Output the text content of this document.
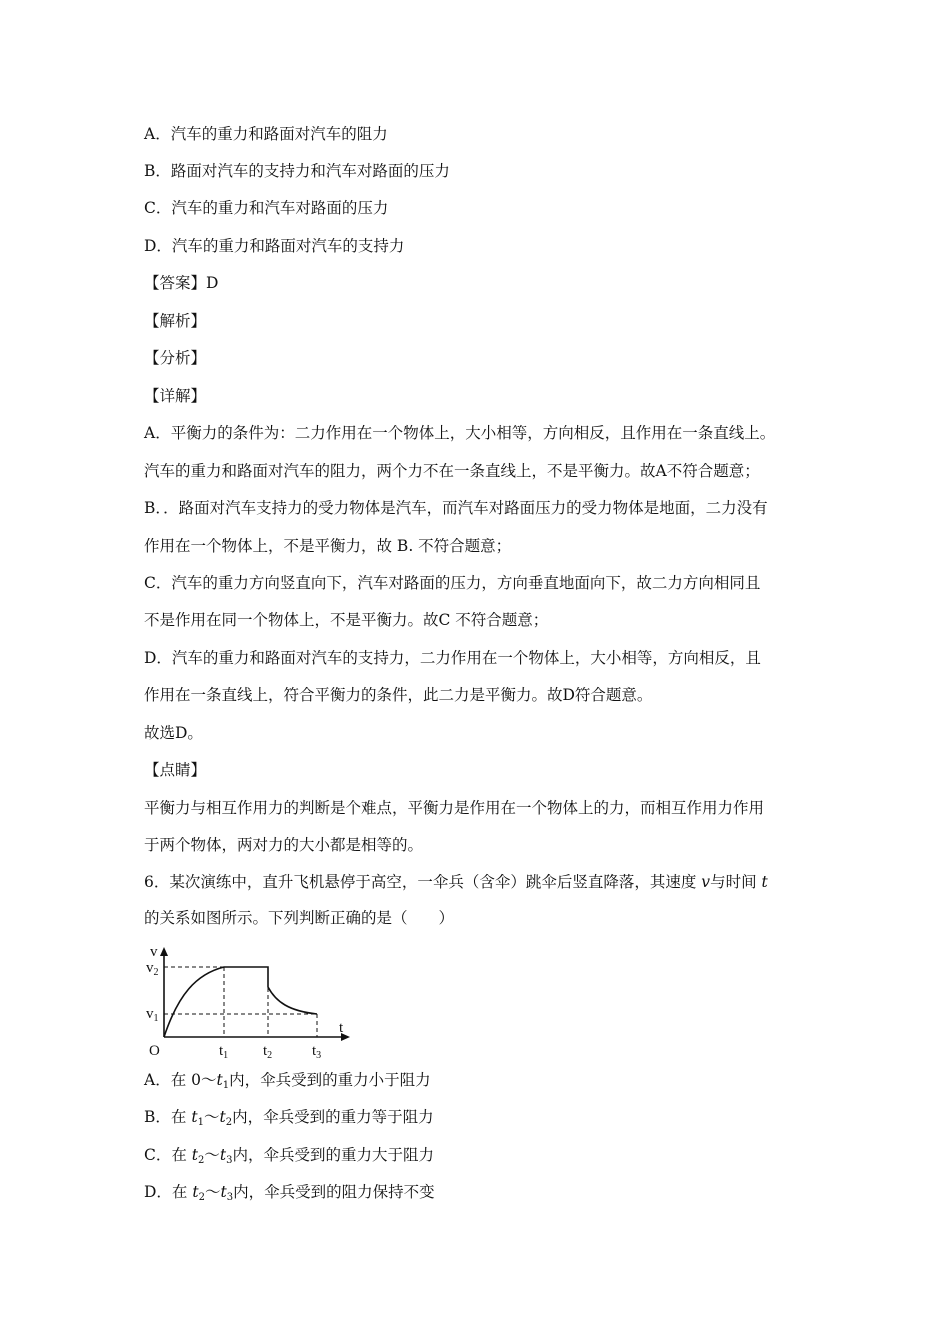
A．汽车的重力和路面对汽车的阻力
B．路面对汽车的支持力和汽车对路面的压力
C．汽车的重力和汽车对路面的压力
D．汽车的重力和路面对汽车的支持力
【答案】D
【解析】
【分析】
【详解】
A．平衡力的条件为：二力作用在一个物体上，大小相等，方向相反，且作用在一条直线上。
汽车的重力和路面对汽车的阻力，两个力不在一条直线上，不是平衡力。故A不符合题意；
B．．路面对汽车支持力的受力物体是汽车，而汽车对路面压力的受力物体是地面，二力没有
作用在一个物体上，不是平衡力，故 B. 不符合题意；
C．汽车的重力方向竖直向下，汽车对路面的压力，方向垂直地面向下，故二力方向相同且
不是作用在同一个物体上，不是平衡力。故C 不符合题意；
D．汽车的重力和路面对汽车的支持力，二力作用在一个物体上，大小相等，方向相反，且
作用在一条直线上，符合平衡力的条件，此二力是平衡力。故D符合题意。
故选D。
【点睛】
平衡力与相互作用力的判断是个难点，平衡力是作用在一个物体上的力，而相互作用力作用
于两个物体，两对力的大小都是相等的。
6．某次演练中，直升飞机悬停于高空，一伞兵（含伞）跳伞后竖直降落，其速度 v与时间 t
的关系如图所示。下列判断正确的是（　　）
v
$v_2$
$v_1$
O
t
$t_1$ $t_2$	$t_3$
A．在 $0\sim t_1$内，伞兵受到的重力小于阻力
B．在 $t_1\sim t_2$内，伞兵受到的重力等于阻力
C．在 $t_2\sim t_3$内，伞兵受到的重力大于阻力
D．在 $t_2\sim t_3$内，伞兵受到的阻力保持不变
